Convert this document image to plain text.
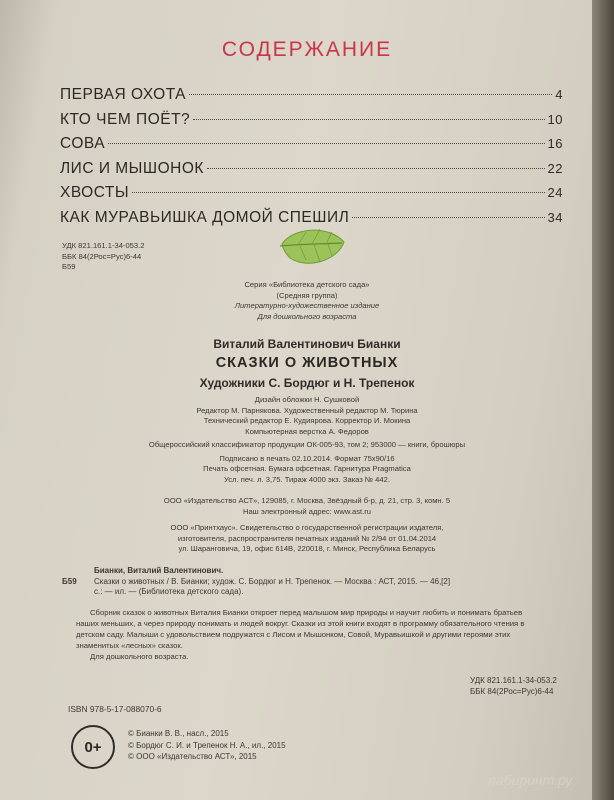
СОДЕРЖАНИЕ
ПЕРВАЯ ОХОТА	4
КТО ЧЕМ ПОЁТ?	10
СОВА	16
ЛИС И МЫШОНОК	22
ХВОСТЫ	24
КАК МУРАВЬИШКА ДОМОЙ СПЕШИЛ	34
УДК 821.161.1-34-053.2
ББК 84(2Рос=Рус)6-44
Б59
Серия «Библиотека детского сада»
(Средняя группа)
Литературно-художественное издание
Для дошкольного возраста
Виталий Валентинович Бианки
СКАЗКИ О ЖИВОТНЫХ
Художники С. Бордюг и Н. Трепенок
Дизайн обложки Н. Сушковой
Редактор М. Парнякова. Художественный редактор М. Тюрина
Технический редактор Е. Кудиярова. Корректор И. Мокина
Компьютерная верстка А. Федоров
Общероссийский классификатор продукции ОК-005-93, том 2; 953000 — книги, брошюры
Подписано в печать 02.10.2014. Формат 75х90/16
Печать офсетная. Бумага офсетная. Гарнитура Pragmatica
Усл. печ. л. 3,75. Тираж 4000 экз. Заказ № 442.
ООО «Издательство АСТ», 129085, г. Москва, Звёздный б-р, д. 21, стр. 3, комн. 5
Наш электронный адрес: www.ast.ru
ООО «Принтхаус». Свидетельство о государственной регистрации издателя,
изготовителя, распространителя печатных изданий № 2/94 от 01.04.2014
ул. Шаранговича, 19, офис 614В, 220018, г. Минск, Республика Беларусь
Бианки, Виталий Валентинович.
Б59 Сказки о животных / В. Бианки; худож. С. Бордюг и Н. Трепенок. — Москва : АСТ, 2015. — 46,[2]
с.: — ил. — (Библиотека детского сада).

Сборник сказок о животных Виталия Бианки откроет перед малышом мир природы и научит любить и понимать братьев наших меньших, а через природу понимать и людей вокруг. Сказки из этой книги входят в программу обязательного чтения в детском саду. Малыши с удовольствием подружатся с Лисом и Мышонком, Совой, Муравьишкой и другими героями этих знаменитых «лесных» сказок.

Для дошкольного возраста.

УДК 821.161.1-34-053.2
ББК 84(2Рос=Рус)6-44
ISBN 978-5-17-088070-6
0+
© Бианки В. В., насл., 2015
© Бордюг С. И. и Трепенок Н. А., ил., 2015
© ООО «Издательство АСТ», 2015
лабиринт.ру
